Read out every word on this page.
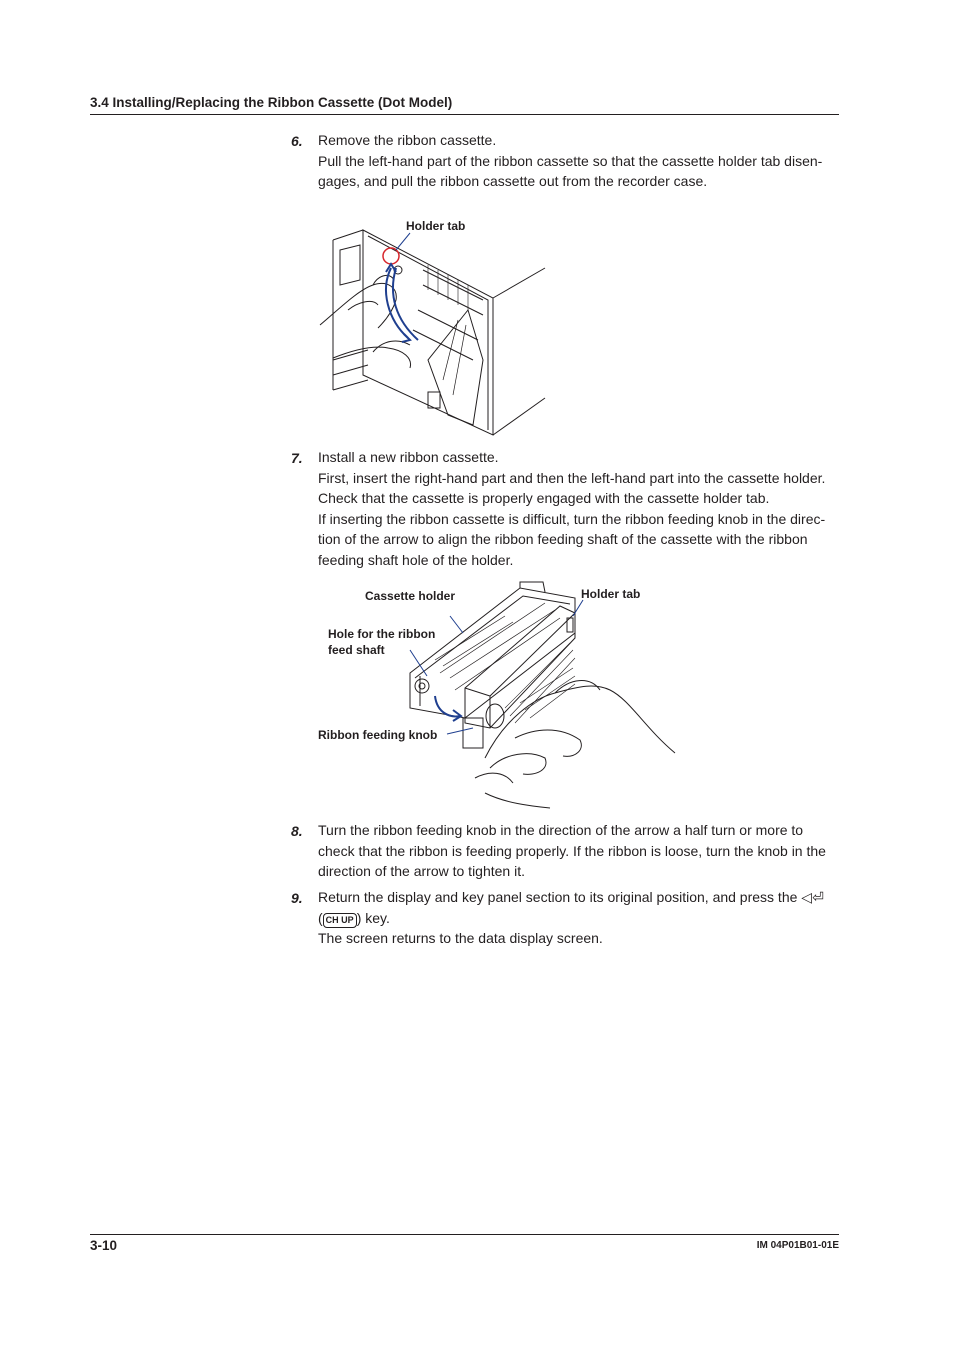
3.4 Installing/Replacing the Ribbon Cassette (Dot Model)
6. Remove the ribbon cassette.

Pull the left-hand part of the ribbon cassette so that the cassette holder tab disen-

gages, and pull the ribbon cassette out from the recorder case.

Holder tab
7. Install a new ribbon cassette.

First, insert the right-hand part and then the left-hand part into the cassette holder.

Check that the cassette is properly engaged with the cassette holder tab.

If inserting the ribbon cassette is difficult, turn the ribbon feeding knob in the direc-

tion of the arrow to align the ribbon feeding shaft of the cassette with the ribbon

feeding shaft hole of the holder.

Cassette holder	Holder tab
Hole for the ribbon
feed shaft
Ribbon feeding knob
8. Turn the ribbon feeding knob in the direction of the arrow a half turn or more to

check that the ribbon is feeding properly. If the ribbon is loose, turn the knob in the

direction of the arrow to tighten it.

9. Return the display and key panel section to its original position, and press the ◁⏎

( CH UP ) key.

The screen returns to the data display screen.

3-10	IM 04P01B01-01E
